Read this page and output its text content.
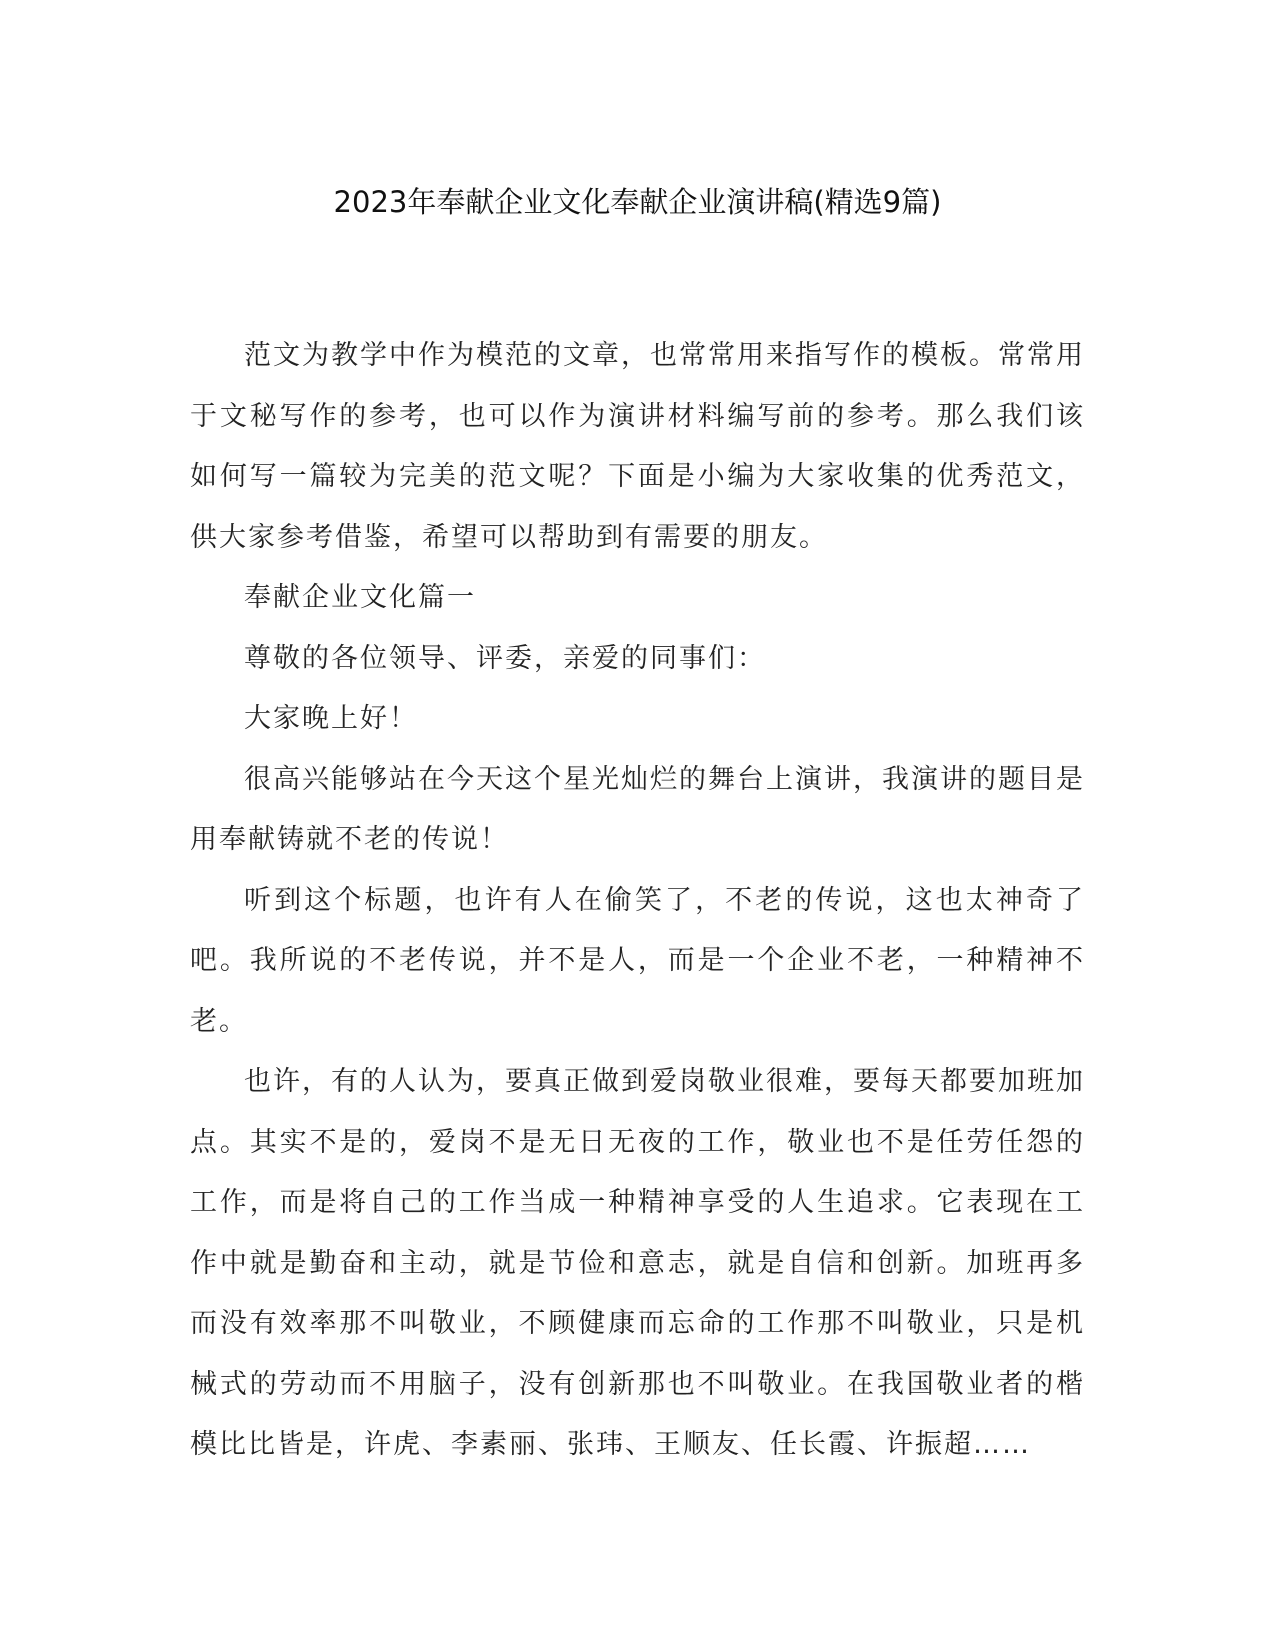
2023年奉献企业文化奉献企业演讲稿(精选9篇)

范文为教学中作为模范的文章，也常常用来指写作的模板。常常用于文秘写作的参考，也可以作为演讲材料编写前的参考。那么我们该如何写一篇较为完美的范文呢？下面是小编为大家收集的优秀范文，供大家参考借鉴，希望可以帮助到有需要的朋友。

奉献企业文化篇一

尊敬的各位领导、评委，亲爱的同事们：

大家晚上好！

很高兴能够站在今天这个星光灿烂的舞台上演讲，我演讲的题目是用奉献铸就不老的传说！

听到这个标题，也许有人在偷笑了，不老的传说，这也太神奇了吧。我所说的不老传说，并不是人，而是一个企业不老，一种精神不老。

也许，有的人认为，要真正做到爱岗敬业很难，要每天都要加班加点。其实不是的，爱岗不是无日无夜的工作，敬业也不是任劳任怨的工作，而是将自己的工作当成一种精神享受的人生追求。它表现在工作中就是勤奋和主动，就是节俭和意志，就是自信和创新。加班再多而没有效率那不叫敬业，不顾健康而忘命的工作那不叫敬业，只是机械式的劳动而不用脑子，没有创新那也不叫敬业。在我国敬业者的楷模比比皆是，许虎、李素丽、张玮、王顺友、任长霞、许振超……
